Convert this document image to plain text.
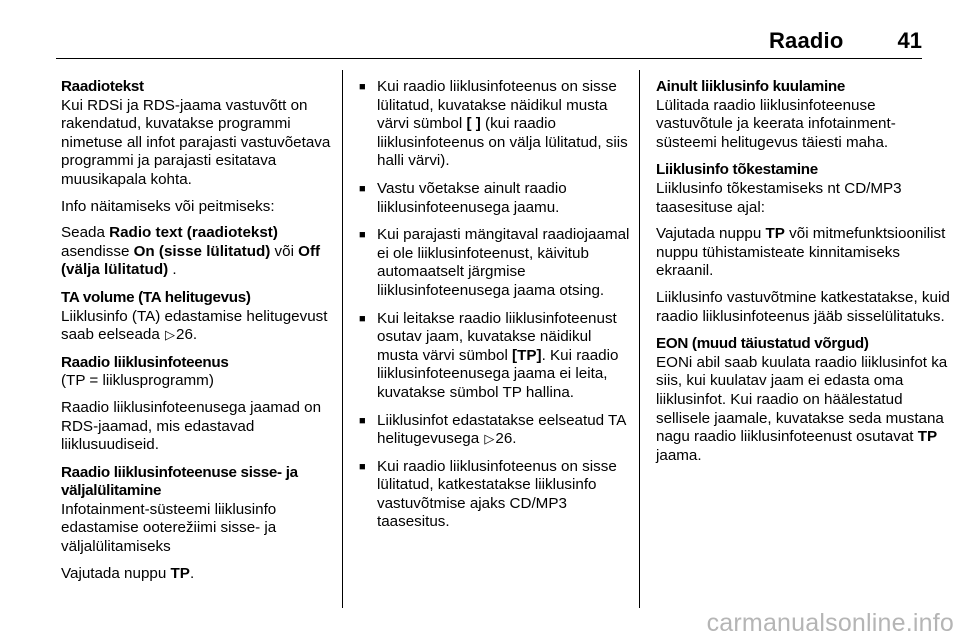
Raadio 41
Raadiotekst

Kui RDSi ja RDS-jaama vastuvõtt on rakendatud, kuvatakse programmi nimetuse all infot parajasti vastuvõetava programmi ja parajasti esitatava muusikapala kohta.

Info näitamiseks või peitmiseks:

Seada Radio text (raadiotekst) asendisse On (sisse lülitatud) või Off (välja lülitatud) .

TA volume (TA helitugevus)

Liiklusinfo (TA) edastamise helitugevust saab eelseada ▷26.

Raadio liiklusinfoteenus

(TP = liiklusprogramm)

Raadio liiklusinfoteenusega jaamad on RDS-jaamad, mis edastavad liiklusuudiseid.

Raadio liiklusinfoteenuse sisse- ja väljalülitamine

Infotainment-süsteemi liiklusinfo edastamise ooterežiimi sisse- ja väljalülitamiseks

Vajutada nuppu TP.

■ Kui raadio liiklusinfoteenus on sisse lülitatud, kuvatakse näidikul musta värvi sümbol [ ] (kui raadio liiklusinfoteenus on välja lülitatud, siis halli värvi).
■ Vastu võetakse ainult raadio liiklusinfoteenusega jaamu.
■ Kui parajasti mängitaval raadiojaamal ei ole liiklusinfoteenust, käivitub automaatselt järgmise liiklusinfoteenusega jaama otsing.
■ Kui leitakse raadio liiklusinfoteenust osutav jaam, kuvatakse näidikul musta värvi sümbol [TP]. Kui raadio liiklusinfoteenusega jaama ei leita, kuvatakse sümbol TP hallina.
■ Liiklusinfot edastatakse eelseatud TA helitugevusega ▷26.
■ Kui raadio liiklusinfoteenus on sisse lülitatud, katkestatakse liiklusinfo vastuvõtmise ajaks CD/MP3 taasesitus.
Ainult liiklusinfo kuulamine

Lülitada raadio liiklusinfoteenuse vastuvõtule ja keerata infotainment-süsteemi helitugevus täiesti maha.

Liiklusinfo tõkestamine

Liiklusinfo tõkestamiseks nt CD/MP3 taasesituse ajal:

Vajutada nuppu TP või mitmefunktsioonilist nuppu tühistamisteate kinnitamiseks ekraanil.

Liiklusinfo vastuvõtmine katkestatakse, kuid raadio liiklusinfoteenus jääb sisselülitatuks.

EON (muud täiustatud võrgud)

EONi abil saab kuulata raadio liiklusinfot ka siis, kui kuulatav jaam ei edasta oma liiklusinfot. Kui raadio on häälestatud sellisele jaamale, kuvatakse seda mustana nagu raadio liiklusinfoteenust osutavat TP jaama.

carmanualsonline.info
